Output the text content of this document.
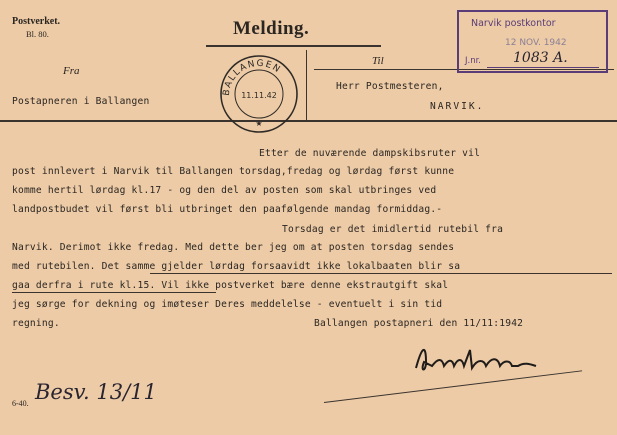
Postverket.
Bl. 80.	Melding.
Fra
Til
Postapneren i Ballangen
Herr Postmesteren,
NARVIK.
BALLANGEN
11.11.42
★
Narvik postkontor
12 NOV. 1942
J.nr. 1083 A.
Etter de nuværende dampskibsruter vil
post innlevert i Narvik til Ballangen torsdag,fredag og lørdag først kunne
komme hertil lørdag kl.17 - og den del av posten som skal utbringes ved
landpostbudet vil først bli utbringet den paafølgende mandag formiddag.-
Torsdag er det imidlertid rutebil fra
Narvik. Derimot ikke fredag. Med dette ber jeg om at posten torsdag sendes
med rutebilen. Det samme gjelder lørdag forsaavidt ikke lokalbaaten blir sa
gaa derfra i rute kl.15. Vil ikke postverket bære denne ekstrautgift skal
jeg sørge for dekning og imøteser Deres meddelelse - eventuelt i sin tid
regning.	Ballangen postapneri den 11/11:1942
6-40. Besv. 13/11
